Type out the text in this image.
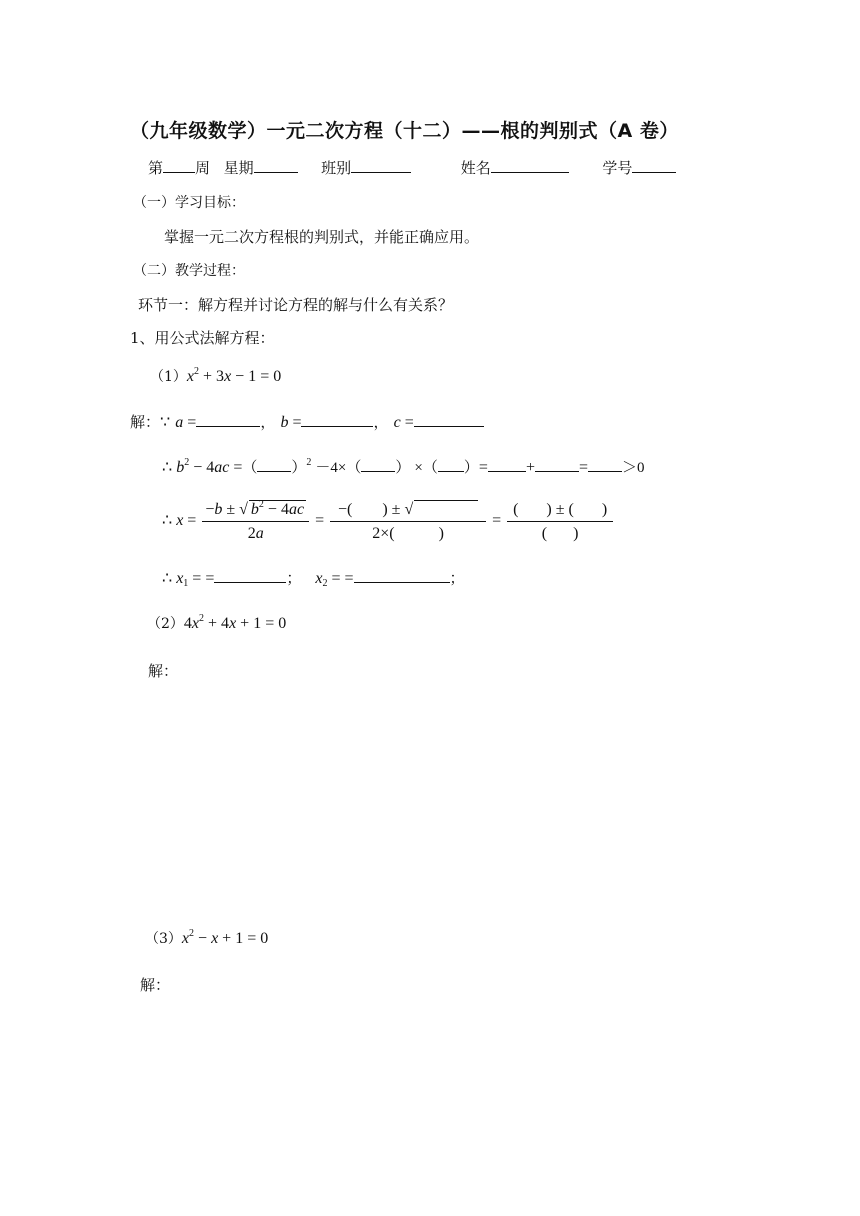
（九年级数学）一元二次方程（十二）——根的判别式（A 卷）
第 周 星期	班别	姓名	学号
（一）学习目标：
掌握一元二次方程根的判别式，并能正确应用。
（二）教学过程：
环节一：解方程并讨论方程的解与什么有关系？
1、用公式法解方程：
$(1)x^2 + 3x - 1 = 0$
解：∵ a =	， b =	， c =
∴ $b^2 - 4ac$ =（ ）$^2$ －4×（ ） ×（ ）= +	= ＞0
∴ $x = \frac{-b \pm √ b^2 - 4ac}{2a}$ = −( ) ± √
2×(	) = $\frac{( ) \pm ( )}{( )}$
∴ $x_1$ = =	； $x_2$ = =	；
$(2)4x^2 + 4x + 1 = 0$
解：
$(3)x^2 - x + 1 = 0$
解：
